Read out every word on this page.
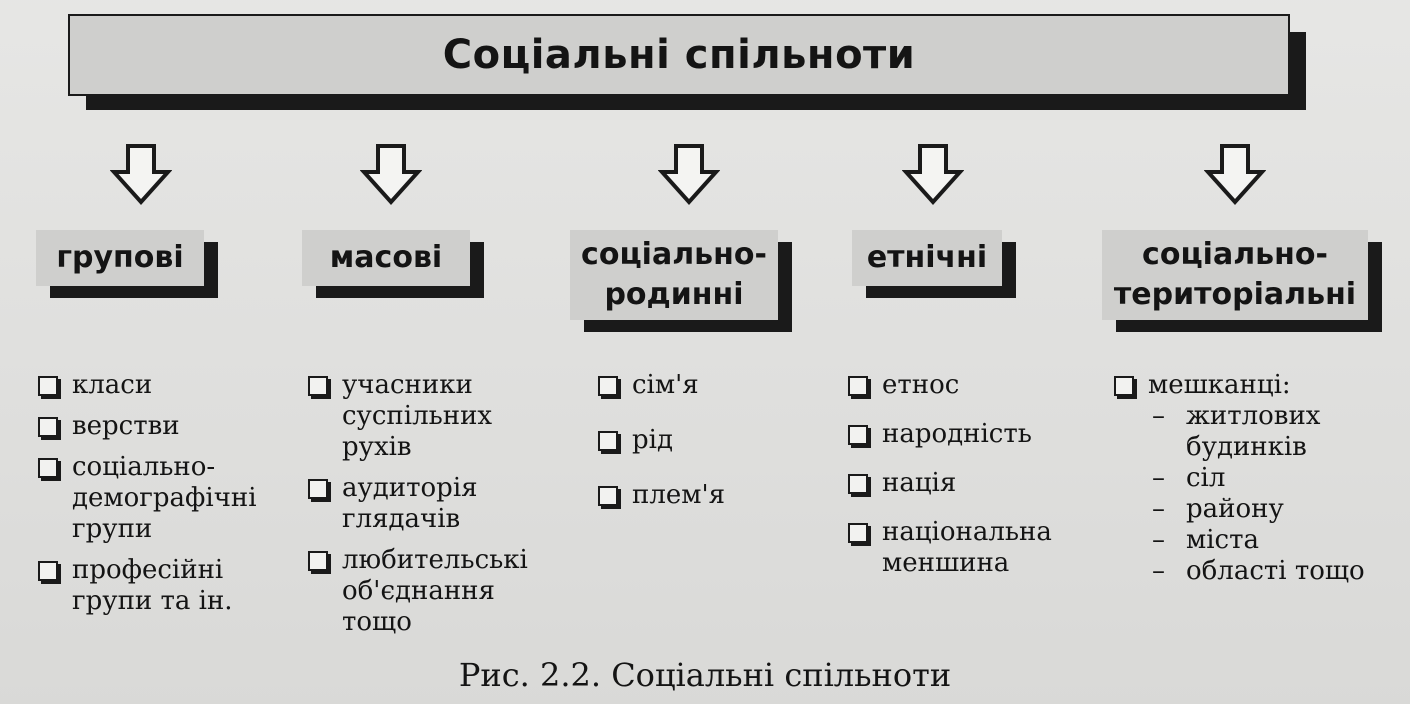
Соціальні спільноти
групові	масові	соціально-
родинні
етнічні	соціально-
територіальні
класи
верстви
соціально-демографічні групи
професійні групи та ін.
учасники суспільних рухів
аудиторія глядачів
любительські об'єднання тощо
сім'я
рід
плем'я
етнос
народність
нація
національна меншина
мешканці:
– житлових будинків
– сіл
– району
– міста
– області тощо
Рис. 2.2. Соціальні спільноти
